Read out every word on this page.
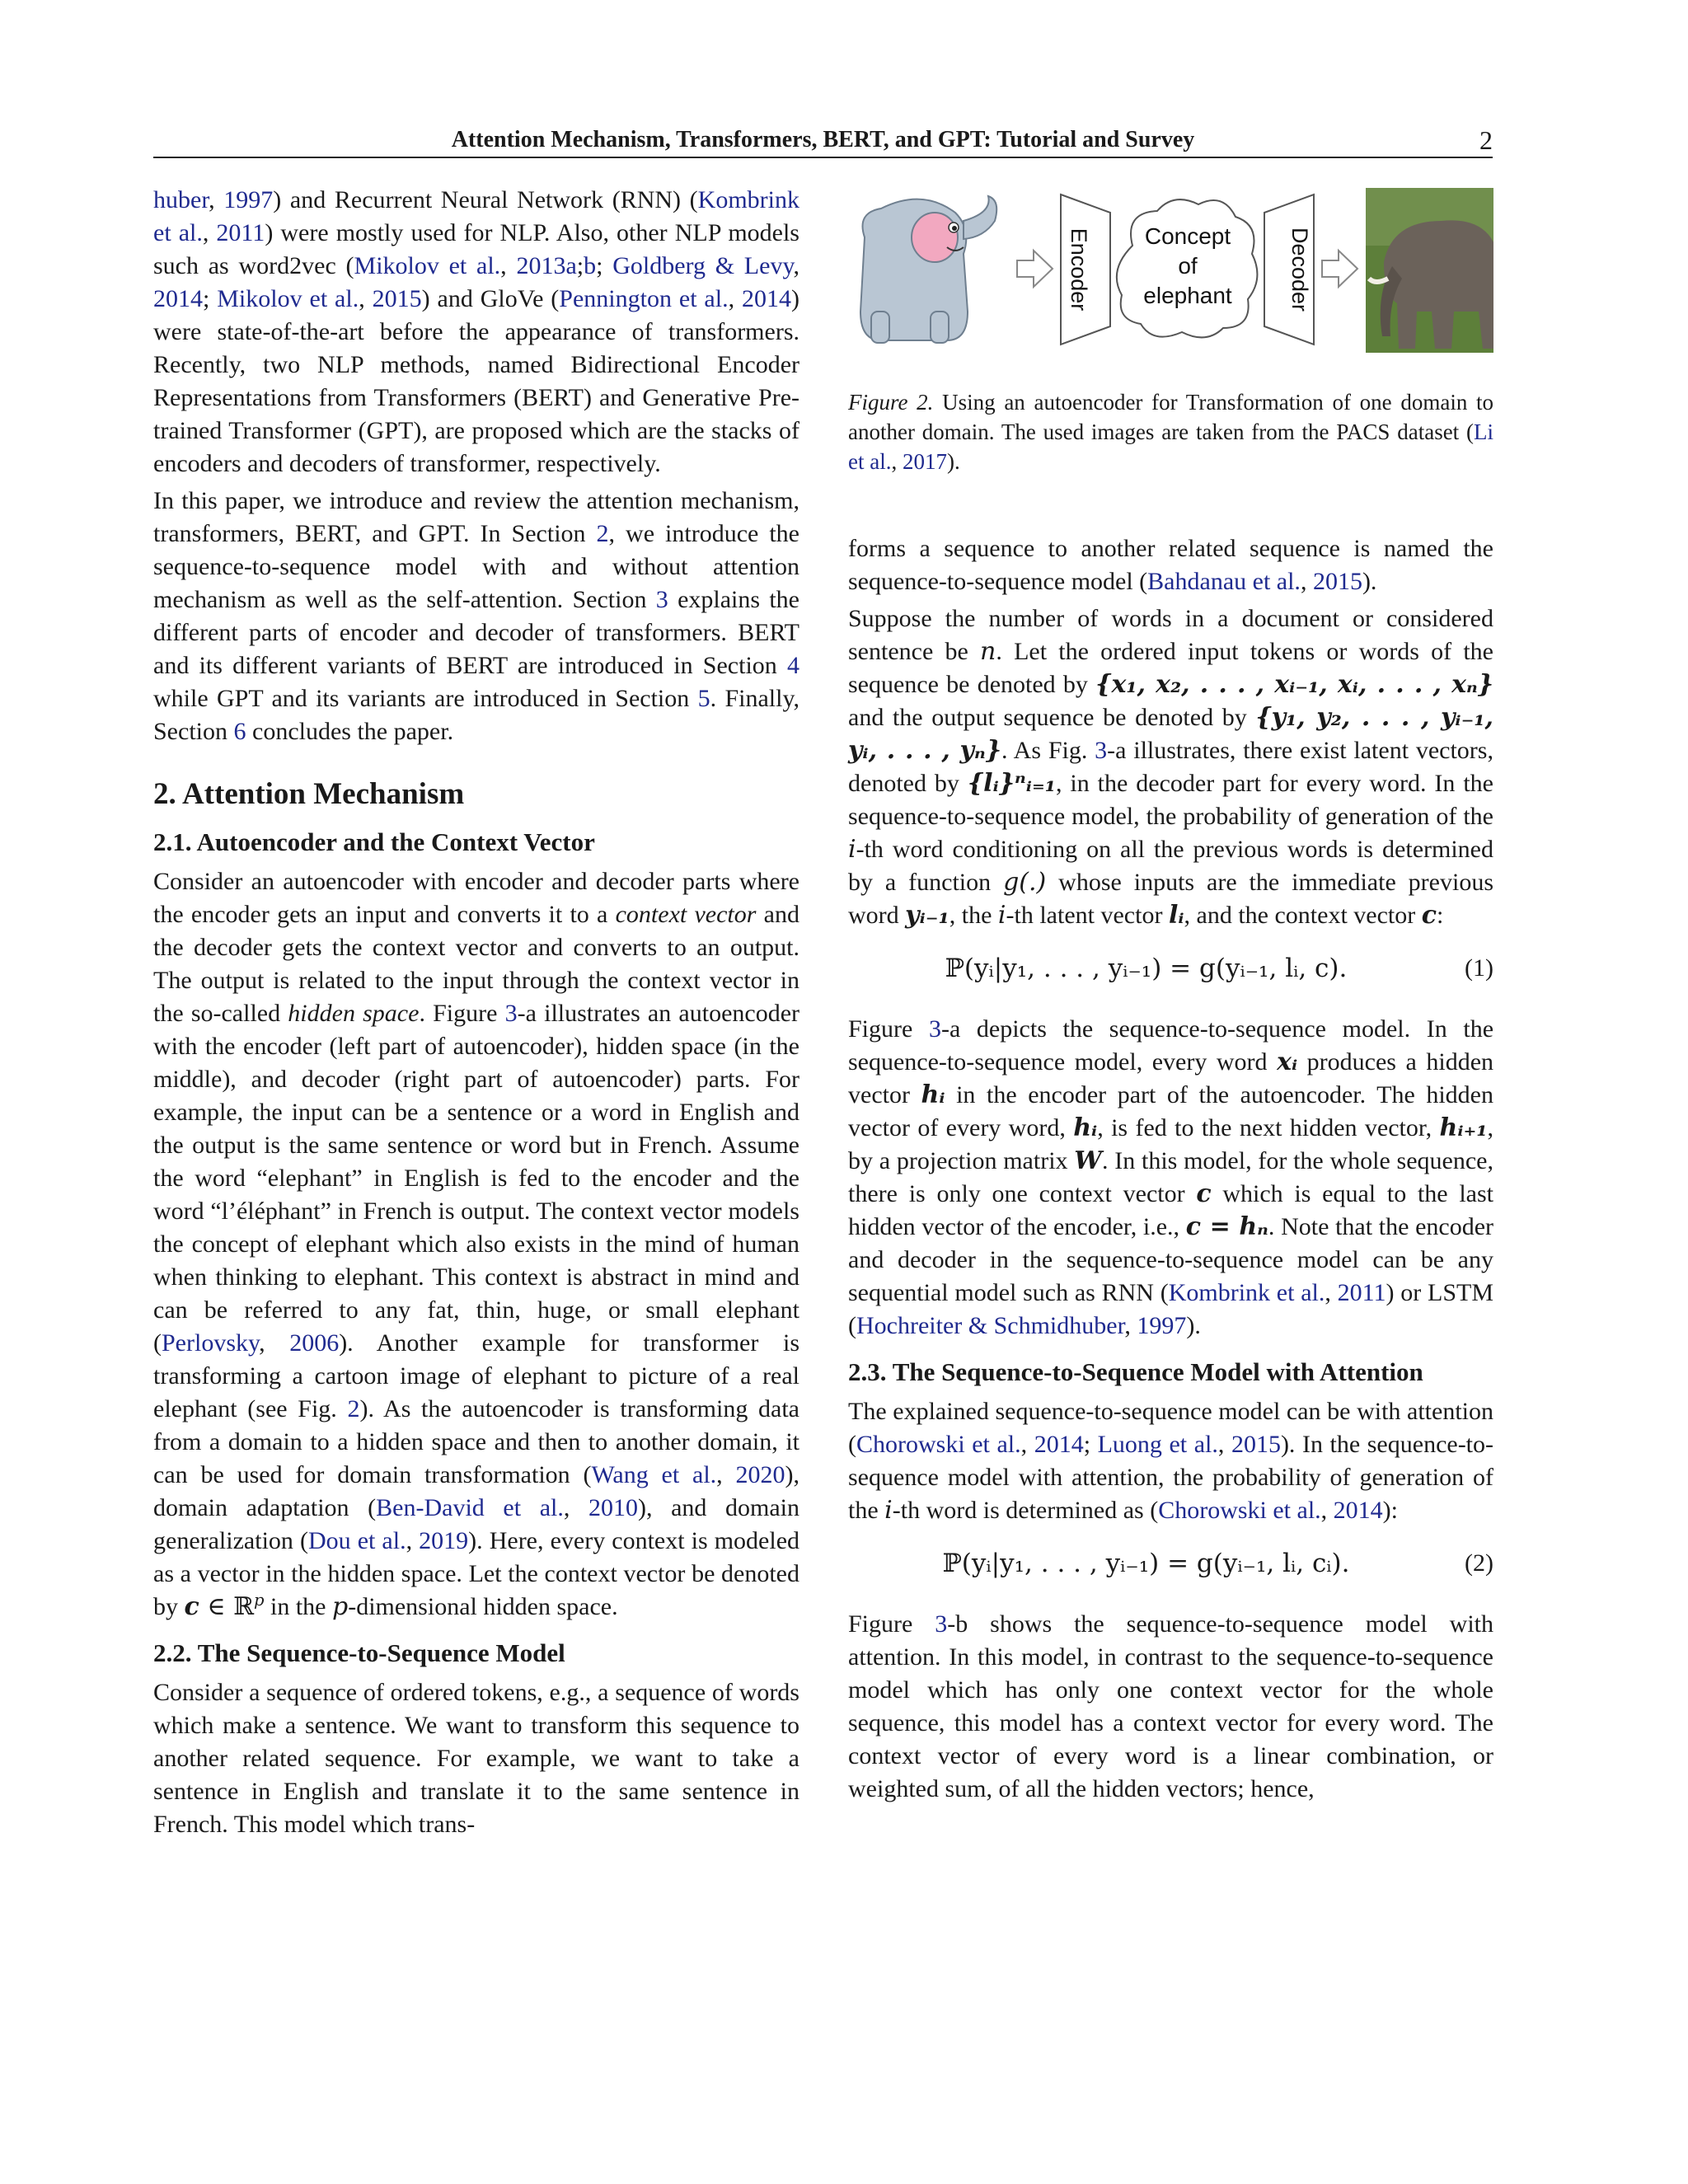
Attention Mechanism, Transformers, BERT, and GPT: Tutorial and Survey	2

huber, 1997) and Recurrent Neural Network (RNN) (Kombrink et al., 2011) were mostly used for NLP. Also, other NLP models such as word2vec (Mikolov et al., 2013a;b; Goldberg & Levy, 2014; Mikolov et al., 2015) and GloVe (Pennington et al., 2014) were state-of-the-art before the appearance of transformers. Recently, two NLP methods, named Bidirectional Encoder Representations from Transformers (BERT) and Generative Pre-trained Transformer (GPT), are proposed which are the stacks of encoders and decoders of transformer, respectively.

In this paper, we introduce and review the attention mechanism, transformers, BERT, and GPT. In Section 2, we introduce the sequence-to-sequence model with and without attention mechanism as well as the self-attention. Section 3 explains the different parts of encoder and decoder of transformers. BERT and its different variants of BERT are introduced in Section 4 while GPT and its variants are introduced in Section 5. Finally, Section 6 concludes the paper.

2. Attention Mechanism
2.1. Autoencoder and the Context Vector

Consider an autoencoder with encoder and decoder parts where the encoder gets an input and converts it to a context vector and the decoder gets the context vector and converts to an output. The output is related to the input through the context vector in the so-called hidden space. Figure 3-a illustrates an autoencoder with the encoder (left part of autoencoder), hidden space (in the middle), and decoder (right part of autoencoder) parts. For example, the input can be a sentence or a word in English and the output is the same sentence or word but in French. Assume the word “elephant” in English is fed to the encoder and the word “l’éléphant” in French is output. The context vector models the concept of elephant which also exists in the mind of human when thinking to elephant. This context is abstract in mind and can be referred to any fat, thin, huge, or small elephant (Perlovsky, 2006). Another example for transformer is transforming a cartoon image of elephant to picture of a real elephant (see Fig. 2). As the autoencoder is transforming data from a domain to a hidden space and then to another domain, it can be used for domain transformation (Wang et al., 2020), domain adaptation (Ben-David et al., 2010), and domain generalization (Dou et al., 2019). Here, every context is modeled as a vector in the hidden space. Let the context vector be denoted by c ∈ ℝ$^p$ in the p-dimensional hidden space.

2.2. The Sequence-to-Sequence Model

Consider a sequence of ordered tokens, e.g., a sequence of words which make a sentence. We want to transform this sequence to another related sequence. For example, we want to take a sentence in English and translate it to the same sentence in French. This model which trans-

Encoder Concept
of
elephant Decoder
Figure 2. Using an autoencoder for Transformation of one domain to another domain. The used images are taken from the PACS dataset (Li et al., 2017).

forms a sequence to another related sequence is named the sequence-to-sequence model (Bahdanau et al., 2015).

Suppose the number of words in a document or considered sentence be n. Let the ordered input tokens or words of the sequence be denoted by {x₁, x₂, . . . , xᵢ₋₁, xᵢ, . . . , xₙ} and the output sequence be denoted by {y₁, y₂, . . . , yᵢ₋₁, yᵢ, . . . , yₙ}. As Fig. 3-a illustrates, there exist latent vectors, denoted by {lᵢ}ⁿᵢ₌₁, in the decoder part for every word. In the sequence-to-sequence model, the probability of generation of the i-th word conditioning on all the previous words is determined by a function g(.) whose inputs are the immediate previous word yᵢ₋₁, the i-th latent vector lᵢ, and the context vector c:

ℙ(yᵢ|y₁, . . . , yᵢ₋₁) = g(yᵢ₋₁, lᵢ, c).	(1)

Figure 3-a depicts the sequence-to-sequence model. In the sequence-to-sequence model, every word xᵢ produces a hidden vector hᵢ in the encoder part of the autoencoder. The hidden vector of every word, hᵢ, is fed to the next hidden vector, hᵢ₊₁, by a projection matrix W. In this model, for the whole sequence, there is only one context vector c which is equal to the last hidden vector of the encoder, i.e., c = hₙ. Note that the encoder and decoder in the sequence-to-sequence model can be any sequential model such as RNN (Kombrink et al., 2011) or LSTM (Hochreiter & Schmidhuber, 1997).

2.3. The Sequence-to-Sequence Model with Attention

The explained sequence-to-sequence model can be with attention (Chorowski et al., 2014; Luong et al., 2015). In the sequence-to-sequence model with attention, the probability of generation of the i-th word is determined as (Chorowski et al., 2014):

ℙ(yᵢ|y₁, . . . , yᵢ₋₁) = g(yᵢ₋₁, lᵢ, cᵢ).	(2)

Figure 3-b shows the sequence-to-sequence model with attention. In this model, in contrast to the sequence-to-sequence model which has only one context vector for the whole sequence, this model has a context vector for every word. The context vector of every word is a linear combination, or weighted sum, of all the hidden vectors; hence,
